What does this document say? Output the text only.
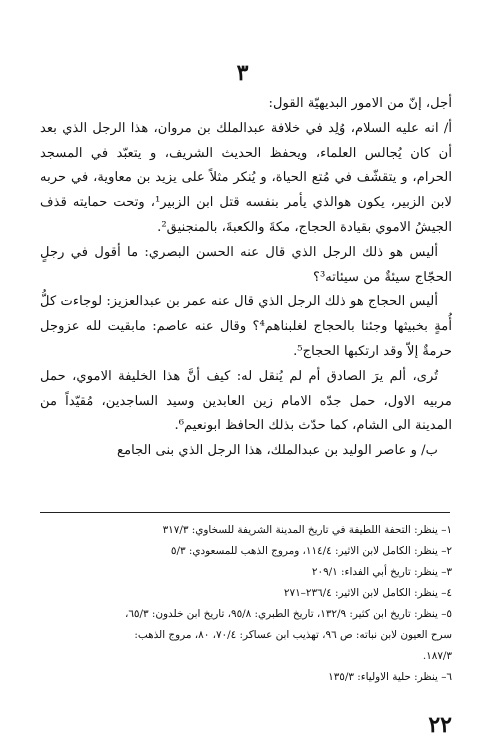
٣

أجل، إنّ من الامور البديهيّة القول:

أ/ انه عليه السلام، وُلِد في خلافة عبدالملك بن مروان، هذا الرجل الذي بعد أن كان يُجالس العلماء، ويحفظ الحديث الشريف، و يتعبّد في المسجد الحرام، و يتقشّف في مُتع الحياة، و يُنكر مثلاً على يزيد بن معاوية، في حربه لابن الزبير، يكون هوالذي يأمر بنفسه قتل ابن الزبير¹، وتحت حمايته قذف الجيشُ الاموي بقيادة الحجاج، مكةَ والكعبةَ، بالمنجنيق².

أليس هو ذلك الرجل الذي قال عنه الحسن البصري: ما أقول في رجلٍ الحجّاج سيئةٌ من سيئاته³؟

أليس الحجاج هو ذلك الرجل الذي قال عنه عمر بن عبدالعزيز: لوجاءت كلُّ أُمةٍ بخبيثها وجئنا بالحجاج لغلبناهم⁴؟ وقال عنه عاصم: مابقيت لله عزوجل حرمةٌ إلاّ وقد ارتكبها الحجاج⁵.

تُرى، ألم يرَ الصادق أم لم يُنقل له: كيف أنَّ هذا الخليفة الاموي، حمل مربيه الاول، حمل جدّه الامام زين العابدين وسيد الساجدين، مُقيّداً من المدينة الى الشام، كما حدّث بذلك الحافظ ابونعيم⁶.

ب/ و عاصر الوليد بن عبدالملك، هذا الرجل الذي بنى الجامع

١– ينظر: التحفة اللطيفة في تاريخ المدينة الشريفة للسخاوي: ٣١٧/٣
٢– ينظر: الكامل لابن الاثير: ١١٤/٤، ومروج الذهب للمسعودي: ٥/٣
٣– ينظر: تاريخ أبي الفداء: ٢٠٩/١
٤– ينظر: الكامل لابن الاثير: ٢٣٦/٤–٢٧١
٥– ينظر: تاريخ ابن كثير: ١٣٢/٩، تاريخ الطبري: ٩٥/٨، تاريخ ابن خلدون: ٦٥/٣،
سرح العيون لابن نباته: ص ٩٦، تهذيب ابن عساكر: ٧٠/٤، ٨٠، مروج الذهب:
١٨٧/٣.
٦– ينظر: حلية الاولياء: ١٣٥/٣
٢٢
